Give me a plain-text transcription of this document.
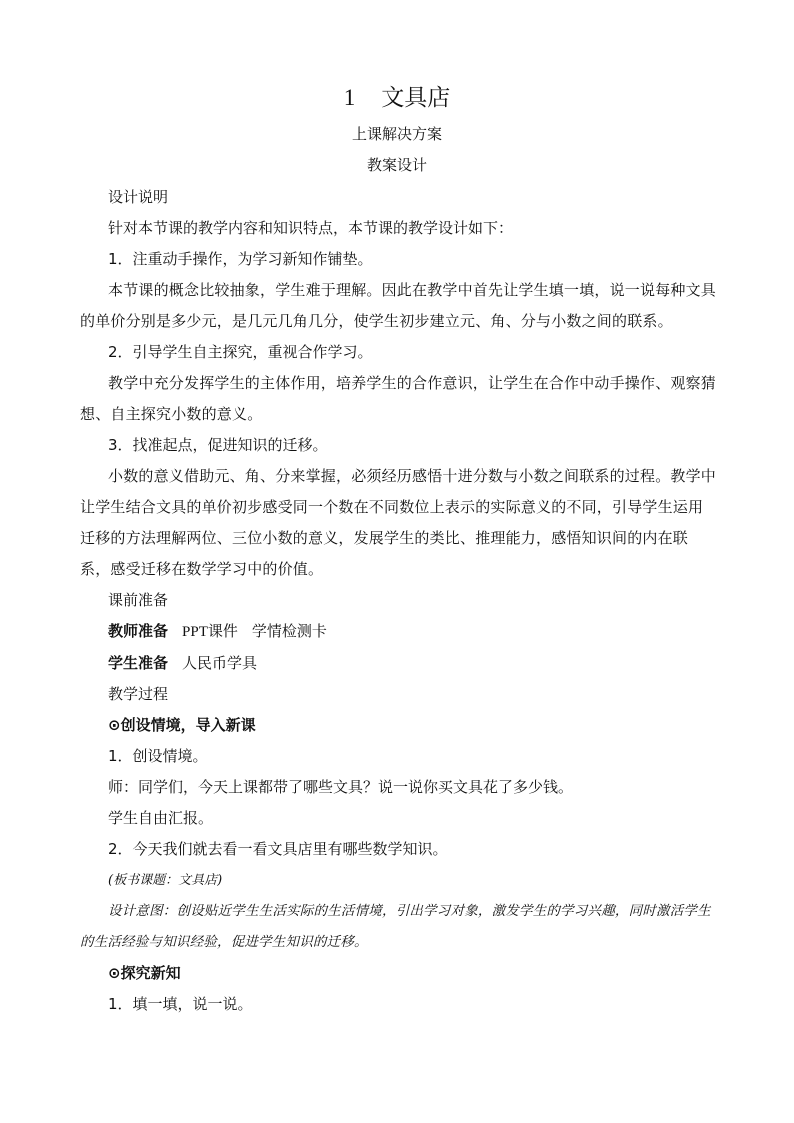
1 文具店
上课解决方案
教案设计

设计说明

针对本节课的教学内容和知识特点，本节课的教学设计如下：

1．注重动手操作，为学习新知作铺垫。

本节课的概念比较抽象，学生难于理解。因此在教学中首先让学生填一填，说一说每种文具的单价分别是多少元，是几元几角几分，使学生初步建立元、角、分与小数之间的联系。

2．引导学生自主探究，重视合作学习。

教学中充分发挥学生的主体作用，培养学生的合作意识，让学生在合作中动手操作、观察猜想、自主探究小数的意义。

3．找准起点，促进知识的迁移。

小数的意义借助元、角、分来掌握，必须经历感悟十进分数与小数之间联系的过程。教学中让学生结合文具的单价初步感受同一个数在不同数位上表示的实际意义的不同，引导学生运用迁移的方法理解两位、三位小数的意义，发展学生的类比、推理能力，感悟知识间的内在联系，感受迁移在数学学习中的价值。

课前准备

教师准备 PPT课件 学情检测卡

学生准备 人民币学具

教学过程

⊙创设情境，导入新课

1．创设情境。

师：同学们，今天上课都带了哪些文具？说一说你买文具花了多少钱。

学生自由汇报。

2．今天我们就去看一看文具店里有哪些数学知识。

(板书课题：文具店)

设计意图：创设贴近学生生活实际的生活情境，引出学习对象，激发学生的学习兴趣，同时激活学生的生活经验与知识经验，促进学生知识的迁移。

⊙探究新知

1．填一填，说一说。
